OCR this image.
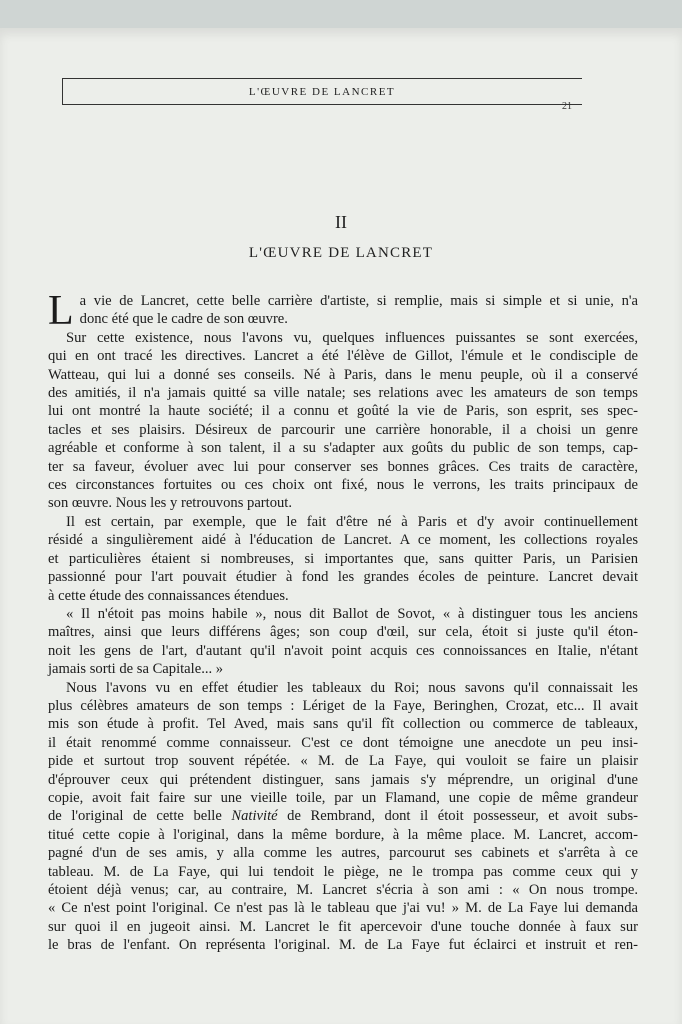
L'ŒUVRE DE LANCRET
21
II
L'ŒUVRE DE LANCRET
La vie de Lancret, cette belle carrière d'artiste, si remplie, mais si simple et si unie, n'a
donc été que le cadre de son œuvre.
Sur cette existence, nous l'avons vu, quelques influences puissantes se sont exercées,
qui en ont tracé les directives. Lancret a été l'élève de Gillot, l'émule et le condisciple de
Watteau, qui lui a donné ses conseils. Né à Paris, dans le menu peuple, où il a conservé
des amitiés, il n'a jamais quitté sa ville natale; ses relations avec les amateurs de son temps
lui ont montré la haute société; il a connu et goûté la vie de Paris, son esprit, ses spec-
tacles et ses plaisirs. Désireux de parcourir une carrière honorable, il a choisi un genre
agréable et conforme à son talent, il a su s'adapter aux goûts du public de son temps, cap-
ter sa faveur, évoluer avec lui pour conserver ses bonnes grâces. Ces traits de caractère,
ces circonstances fortuites ou ces choix ont fixé, nous le verrons, les traits principaux de
son œuvre. Nous les y retrouvons partout.
Il est certain, par exemple, que le fait d'être né à Paris et d'y avoir continuellement
résidé a singulièrement aidé à l'éducation de Lancret. A ce moment, les collections royales
et particulières étaient si nombreuses, si importantes que, sans quitter Paris, un Parisien
passionné pour l'art pouvait étudier à fond les grandes écoles de peinture. Lancret devait
à cette étude des connaissances étendues.
« Il n'étoit pas moins habile », nous dit Ballot de Sovot, « à distinguer tous les anciens
maîtres, ainsi que leurs différens âges; son coup d'œil, sur cela, étoit si juste qu'il éton-
noit les gens de l'art, d'autant qu'il n'avoit point acquis ces connoissances en Italie, n'étant
jamais sorti de sa Capitale... »
Nous l'avons vu en effet étudier les tableaux du Roi; nous savons qu'il connaissait les
plus célèbres amateurs de son temps : Lériget de la Faye, Beringhen, Crozat, etc... Il avait
mis son étude à profit. Tel Aved, mais sans qu'il fît collection ou commerce de tableaux,
il était renommé comme connaisseur. C'est ce dont témoigne une anecdote un peu insi-
pide et surtout trop souvent répétée. « M. de La Faye, qui vouloit se faire un plaisir
d'éprouver ceux qui prétendent distinguer, sans jamais s'y méprendre, un original d'une
copie, avoit fait faire sur une vieille toile, par un Flamand, une copie de même grandeur
de l'original de cette belle Nativité de Rembrand, dont il étoit possesseur, et avoit subs-
titué cette copie à l'original, dans la même bordure, à la même place. M. Lancret, accom-
pagné d'un de ses amis, y alla comme les autres, parcourut ses cabinets et s'arrêta à ce
tableau. M. de La Faye, qui lui tendoit le piège, ne le trompa pas comme ceux qui y
étoient déjà venus; car, au contraire, M. Lancret s'écria à son ami : « On nous trompe.
« Ce n'est point l'original. Ce n'est pas là le tableau que j'ai vu! » M. de La Faye lui demanda
sur quoi il en jugeoit ainsi. M. Lancret le fit apercevoir d'une touche donnée à faux sur
le bras de l'enfant. On représenta l'original. M. de La Faye fut éclairci et instruit et ren-
